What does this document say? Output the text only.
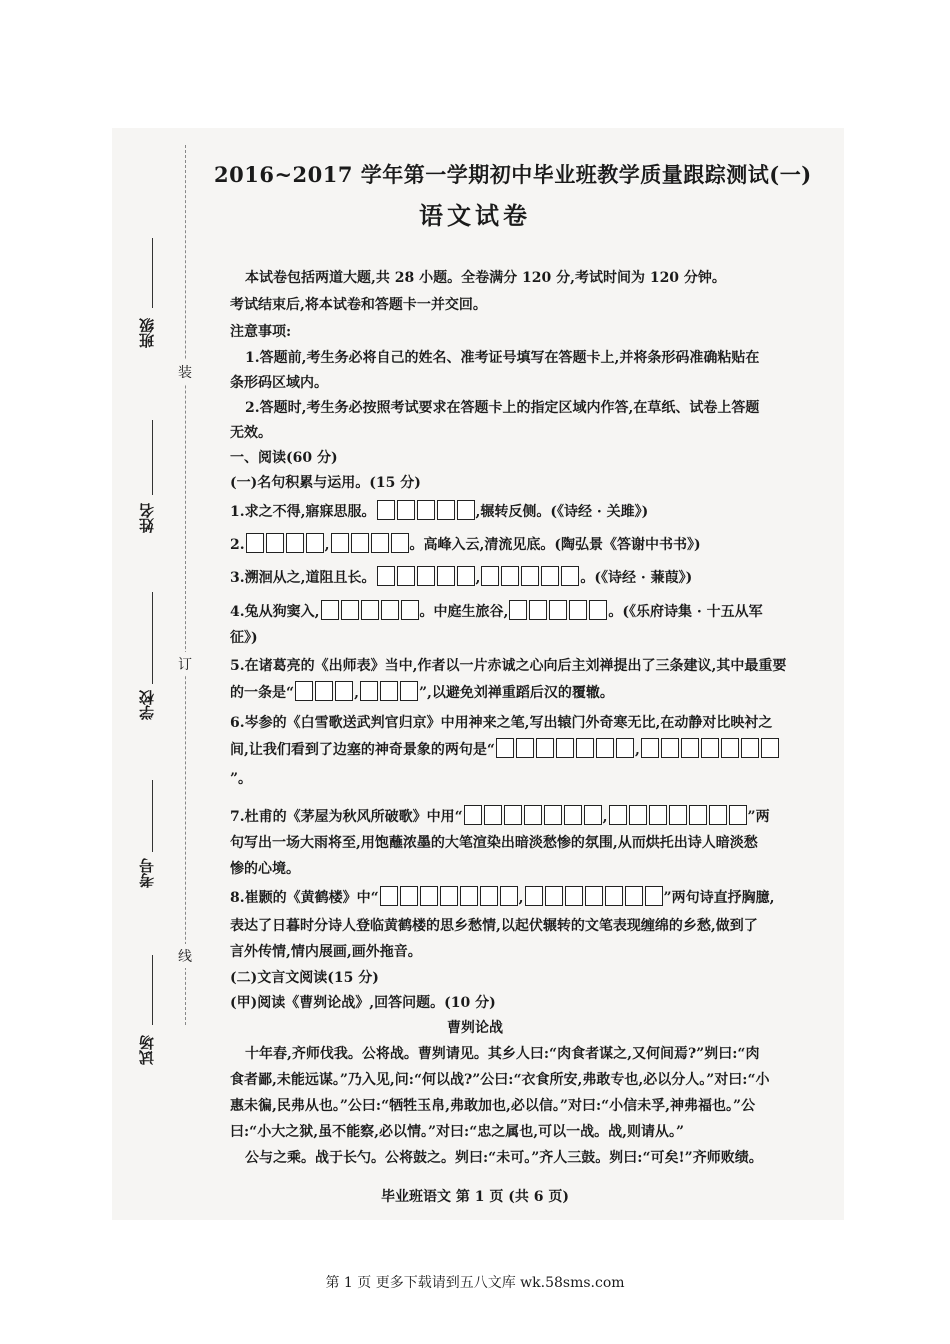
班级
姓名
学校
考号
试场
装
订
线
2016~2017 学年第一学期初中毕业班教学质量跟踪测试(一)
语文试卷
本试卷包括两道大题,共 28 小题。全卷满分 120 分,考试时间为 120 分钟。
考试结束后,将本试卷和答题卡一并交回。
注意事项:
1.答题前,考生务必将自己的姓名、准考证号填写在答题卡上,并将条形码准确粘贴在
条形码区域内。
2.答题时,考生务必按照考试要求在答题卡上的指定区域内作答,在草纸、试卷上答题
无效。
一、阅读(60 分)
(一)名句积累与运用。(15 分)
1.求之不得,寤寐思服。	,辗转反侧。(《诗经 · 关雎》)
2.	,	。高峰入云,清流见底。(陶弘景《答谢中书书》)
3.溯洄从之,道阻且长。	,	。(《诗经 · 蒹葭》)
4.兔从狗窦入,	。中庭生旅谷,	。(《乐府诗集 · 十五从军
征》)
5.在诸葛亮的《出师表》当中,作者以一片赤诚之心向后主刘禅提出了三条建议,其中最重要
的一条是“	,	”,以避免刘禅重蹈后汉的覆辙。
6.岑参的《白雪歌送武判官归京》中用神来之笔,写出辕门外奇寒无比,在动静对比映衬之
间,让我们看到了边塞的神奇景象的两句是“	,
”。
7.杜甫的《茅屋为秋风所破歌》中用“	,	”两
句写出一场大雨将至,用饱蘸浓墨的大笔渲染出暗淡愁惨的氛围,从而烘托出诗人暗淡愁
惨的心境。
8.崔颢的《黄鹤楼》中“	,	”两句诗直抒胸臆,
表达了日暮时分诗人登临黄鹤楼的思乡愁情,以起伏辗转的文笔表现缠绵的乡愁,做到了
言外传情,情内展画,画外拖音。
(二)文言文阅读(15 分)
(甲)阅读《曹刿论战》,回答问题。(10 分)
曹刿论战
十年春,齐师伐我。公将战。曹刿请见。其乡人曰:“肉食者谋之,又何间焉?”刿曰:“肉
食者鄙,未能远谋。”乃入见,问:“何以战?”公曰:“衣食所安,弗敢专也,必以分人。”对曰:“小
惠未徧,民弗从也。”公曰:“牺牲玉帛,弗敢加也,必以信。”对曰:“小信未孚,神弗福也。”公
曰:“小大之狱,虽不能察,必以情。”对曰:“忠之属也,可以一战。战,则请从。”
公与之乘。战于长勺。公将鼓之。刿曰:“未可。”齐人三鼓。刿曰:“可矣!”齐师败绩。
毕业班语文 第 1 页 (共 6 页)
第 1 页 更多下载请到五八文库 wk.58sms.com
